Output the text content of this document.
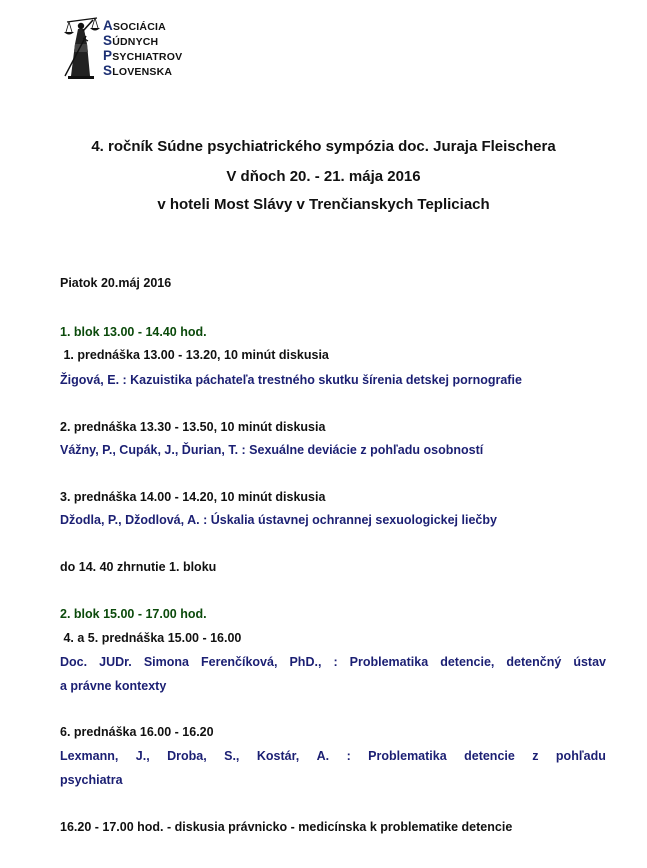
ASOCIÁCIA
SÚDNYCH
PSYCHIATROV
SLOVENSKA
4. ročník Súdne psychiatrického sympózia doc. Juraja Fleischera
V dňoch 20. - 21. mája 2016
v hoteli Most Slávy v Trenčianskych Tepliciach
Piatok 20.máj 2016
1. blok 13.00 - 14.40 hod.
1. prednáška 13.00 - 13.20, 10 minút diskusia
Žigová, E. : Kazuistika páchateľa trestného skutku šírenia detskej pornografie
2. prednáška 13.30 - 13.50, 10 minút diskusia
Vážny, P., Cupák, J., Ďurian, T. : Sexuálne deviácie z pohľadu osobností
3. prednáška 14.00 - 14.20, 10 minút diskusia
Džodla, P., Džodlová, A. : Úskalia ústavnej ochrannej sexuologickej liečby
do 14. 40 zhrnutie 1. bloku
2. blok 15.00 - 17.00 hod.
4. a 5. prednáška 15.00 - 16.00
Doc. JUDr. Simona Ferenčíková, PhD., : Problematika detencie, detenčný ústav
a právne kontexty
6. prednáška 16.00 - 16.20
Lexmann, J., Droba, S., Kostár, A. : Problematika detencie z pohľadu
psychiatra
16.20 - 17.00 hod. - diskusia právnicko - medicínska k problematike detencie
